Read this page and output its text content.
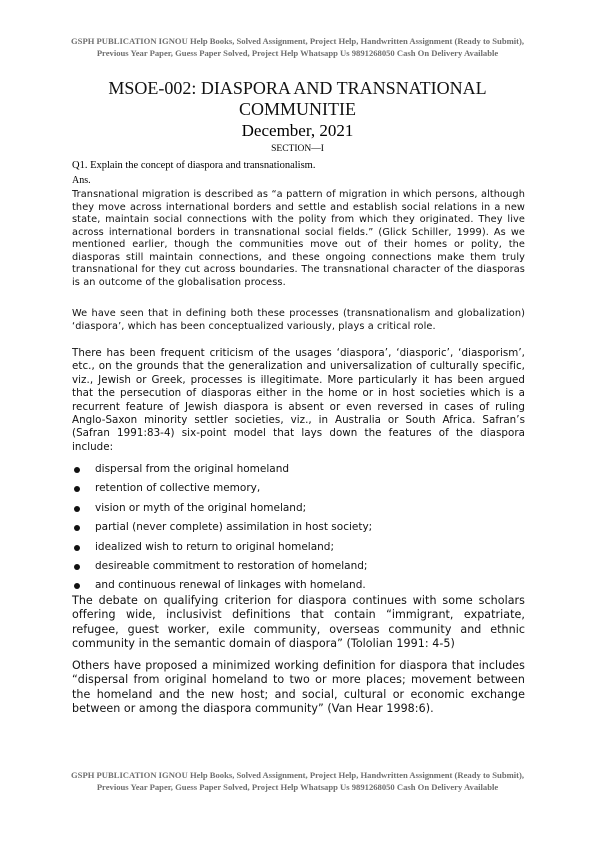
GSPH PUBLICATION IGNOU Help Books, Solved Assignment, Project Help, Handwritten Assignment (Ready to Submit), Previous Year Paper, Guess Paper Solved, Project Help Whatsapp Us 9891268050 Cash On Delivery Available
MSOE-002: DIASPORA AND TRANSNATIONAL COMMUNITIE
December, 2021
SECTION—I
Q1. Explain the concept of diaspora and transnationalism.
Ans.

Transnational migration is described as “a pattern of migration in which persons, although they move across international borders and settle and establish social relations in a new state, maintain social connections with the polity from which they originated. They live across international borders in transnational social fields.” (Glick Schiller, 1999). As we mentioned earlier, though the communities move out of their homes or polity, the diasporas still maintain connections, and these ongoing connections make them truly transnational for they cut across boundaries. The transnational character of the diasporas is an outcome of the globalisation process.

We have seen that in defining both these processes (transnationalism and globalization) ‘diaspora’, which has been conceptualized variously, plays a critical role.

There has been frequent criticism of the usages ‘diaspora’, ‘diasporic’, ‘diasporism’, etc., on the grounds that the generalization and universalization of culturally specific, viz., Jewish or Greek, processes is illegitimate. More particularly it has been argued that the persecution of diasporas either in the home or in host societies which is a recurrent feature of Jewish diaspora is absent or even reversed in cases of ruling Anglo-Saxon minority settler societies, viz., in Australia or South Africa. Safran’s (Safran 1991:83-4) six-point model that lays down the features of the diaspora include:

dispersal from the original homeland
retention of collective memory,
vision or myth of the original homeland;
partial (never complete) assimilation in host society;
idealized wish to return to original homeland;
desireable commitment to restoration of homeland;
and continuous renewal of linkages with homeland.

The debate on qualifying criterion for diaspora continues with some scholars offering wide, inclusivist definitions that contain “immigrant, expatriate, refugee, guest worker, exile community, overseas community and ethnic community in the semantic domain of diaspora” (Tololian 1991: 4-5)

Others have proposed a minimized working definition for diaspora that includes “dispersal from original homeland to two or more places; movement between the homeland and the new host; and social, cultural or economic exchange between or among the diaspora community” (Van Hear 1998:6).

GSPH PUBLICATION IGNOU Help Books, Solved Assignment, Project Help, Handwritten Assignment (Ready to Submit), Previous Year Paper, Guess Paper Solved, Project Help Whatsapp Us 9891268050 Cash On Delivery Available
